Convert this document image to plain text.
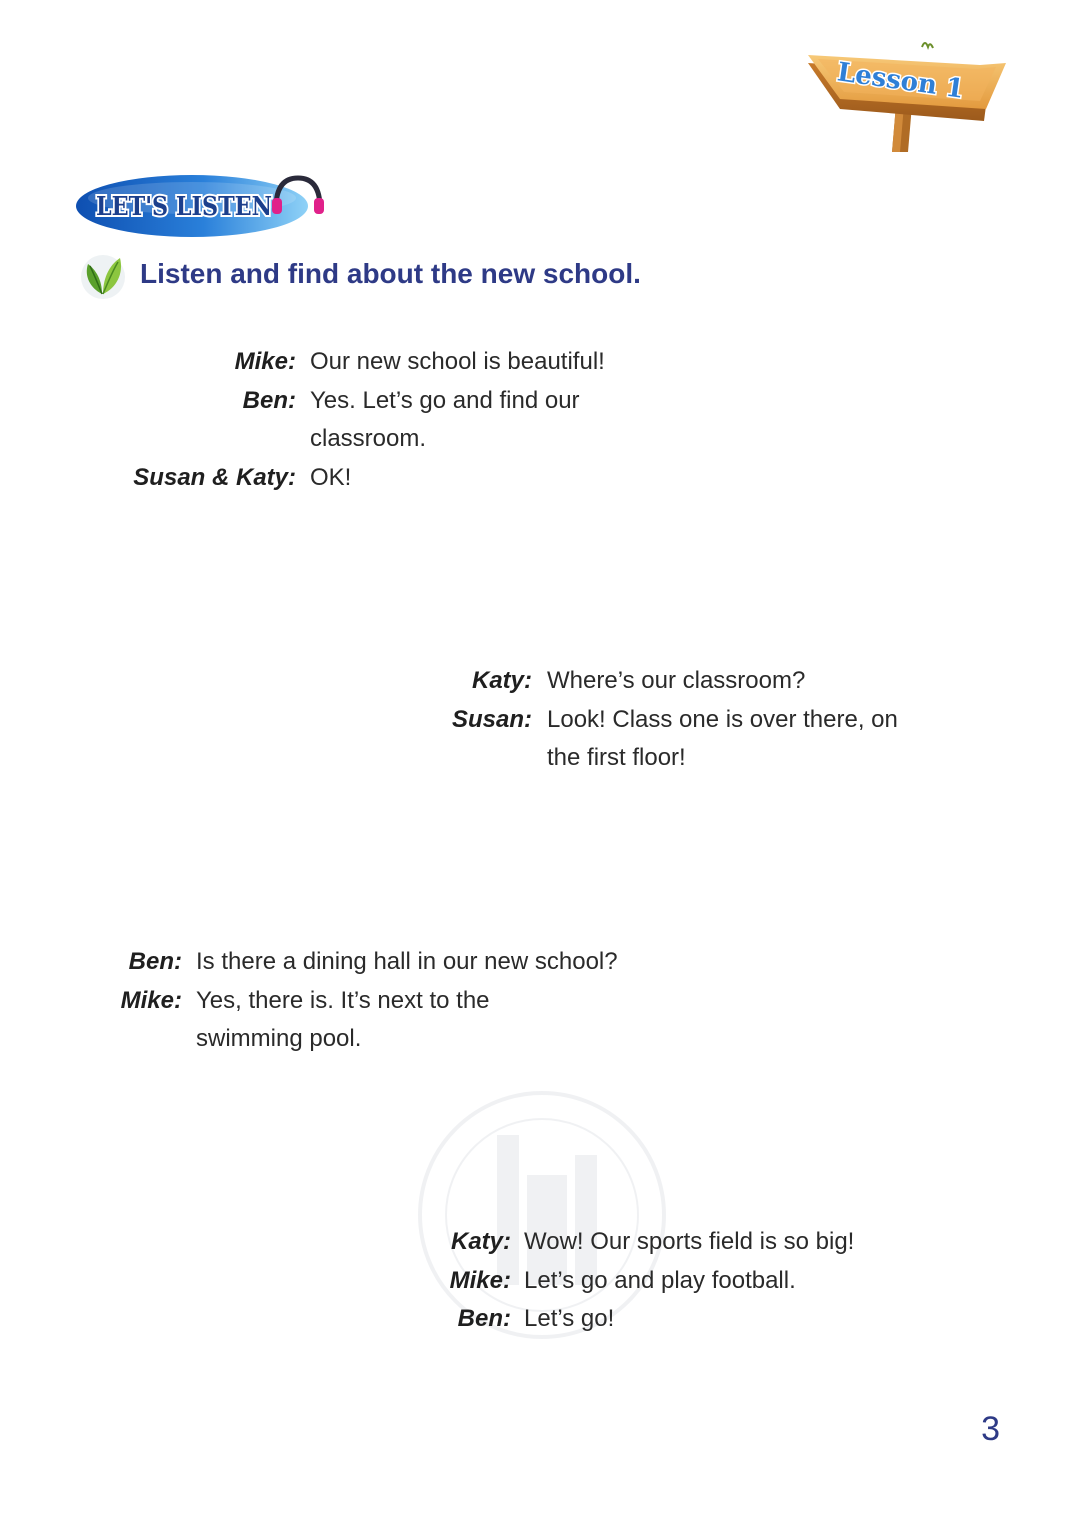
Lesson 1
LET'S LISTEN
Listen and find about the new school.
Mike: Our new school is beautiful!
Ben: Yes. Let’s go and find our
classroom.
Susan & Katy: OK!
Katy: Where’s our classroom?
Susan: Look! Class one is over there, on
the first floor!
Ben: Is there a dining hall in our new school?
Mike: Yes, there is. It’s next to the
swimming pool.
Katy: Wow! Our sports field is so big!
Mike: Let’s go and play football.
Ben: Let’s go!
3
